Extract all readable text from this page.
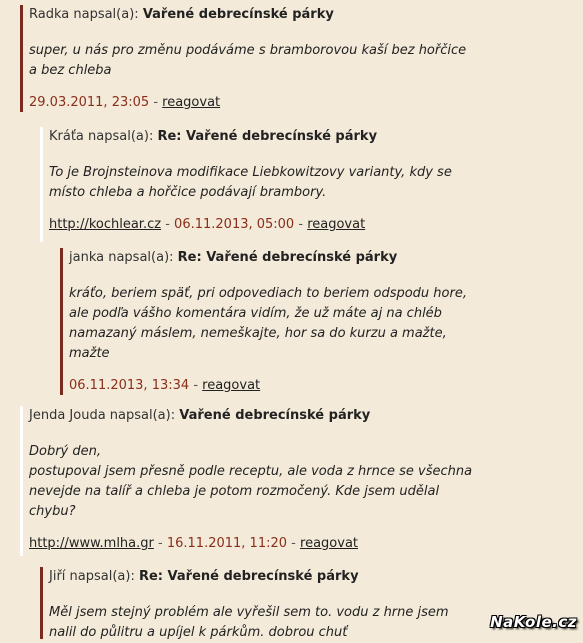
Radka napsal(a): Vařené debrecínské párky

super, u nás pro změnu podáváme s bramborovou kaší bez hořčice

a bez chleba

29.03.2011, 23:05 - reagovat
Kráťa napsal(a): Re: Vařené debrecínské párky

To je Brojnsteinova modifikace Liebkowitzovy varianty, kdy se

místo chleba a hořčice podávají brambory.

http://kochlear.cz - 06.11.2013, 05:00 - reagovat
janka napsal(a): Re: Vařené debrecínské párky

kráťo, beriem späť, pri odpovediach to beriem odspodu hore,

ale podľa vášho komentára vidím, že už máte aj na chléb

namazaný máslem, nemeškajte, hor sa do kurzu a mažte,

mažte

06.11.2013, 13:34 - reagovat
Jenda Jouda napsal(a): Vařené debrecínské párky

Dobrý den,

postupoval jsem přesně podle receptu, ale voda z hrnce se všechna

nevejde na talíř a chleba je potom rozmočený. Kde jsem udělal

chybu?

http://www.mlha.gr - 16.11.2011, 11:20 - reagovat
Jiří napsal(a): Re: Vařené debrecínské párky

Měl jsem stejný problém ale vyřešil sem to. vodu z hrne jsem

nalil do půlitru a upíjel k párkům. dobrou chuť

NaKole.cz
